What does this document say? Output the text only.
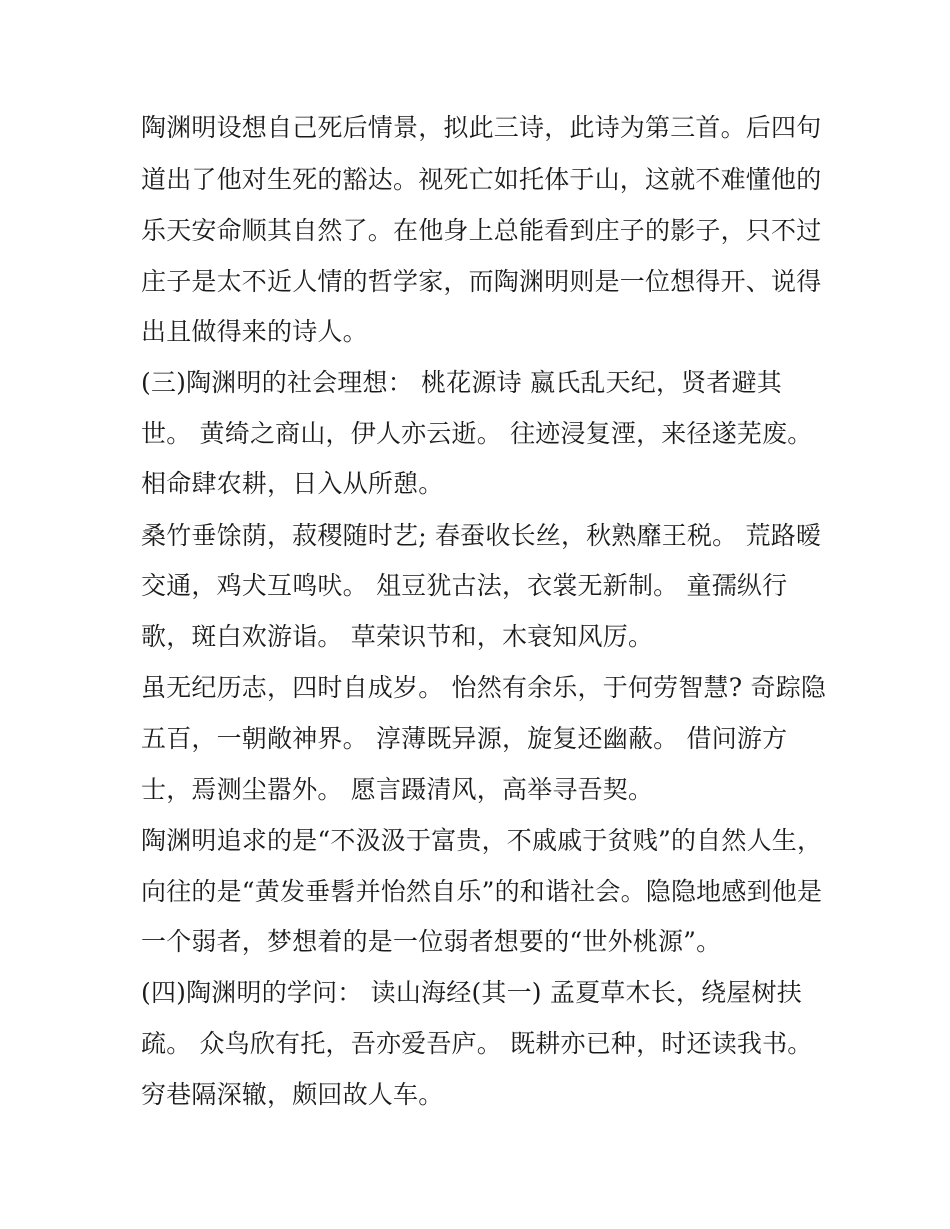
陶渊明设想自己死后情景，拟此三诗，此诗为第三首。后四句
道出了他对生死的豁达。视死亡如托体于山，这就不难懂他的
乐天安命顺其自然了。在他身上总能看到庄子的影子，只不过
庄子是太不近人情的哲学家，而陶渊明则是一位想得开、说得
出且做得来的诗人。
(三)陶渊明的社会理想： 桃花源诗 嬴氏乱天纪，贤者避其
世。 黄绮之商山，伊人亦云逝。 往迹浸复湮，来径遂芜废。
相命肆农耕，日入从所憩。
桑竹垂馀荫，菽稷随时艺; 春蚕收长丝，秋熟靡王税。 荒路暧
交通，鸡犬互鸣吠。 俎豆犹古法，衣裳无新制。 童孺纵行
歌，斑白欢游诣。 草荣识节和，木衰知风厉。
虽无纪历志，四时自成岁。 怡然有余乐，于何劳智慧? 奇踪隐
五百，一朝敞神界。 淳薄既异源，旋复还幽蔽。 借问游方
士，焉测尘嚣外。 愿言蹑清风，高举寻吾契。
陶渊明追求的是“不汲汲于富贵，不戚戚于贫贱”的自然人生，
向往的是“黄发垂髫并怡然自乐”的和谐社会。隐隐地感到他是
一个弱者，梦想着的是一位弱者想要的“世外桃源”。
(四)陶渊明的学问： 读山海经(其一) 孟夏草木长，绕屋树扶
疏。 众鸟欣有托，吾亦爱吾庐。 既耕亦已种，时还读我书。
穷巷隔深辙，颇回故人车。
